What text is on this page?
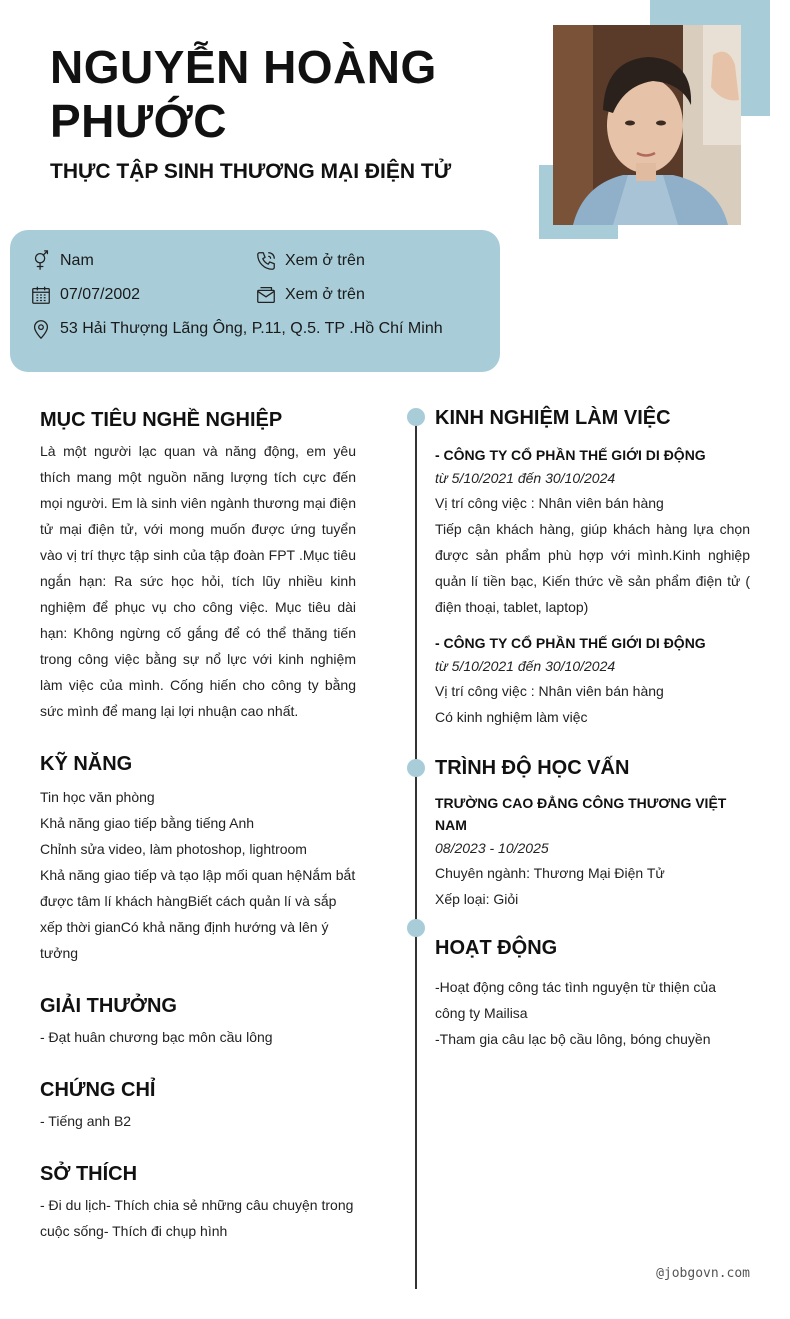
NGUYỄN HOÀNG PHƯỚC
THỰC TẬP SINH THƯƠNG MẠI ĐIỆN TỬ
Nam	Xem ở trên
07/07/2002	Xem ở trên
53 Hải Thượng Lãng Ông, P.11, Q.5. TP .Hồ Chí Minh
MỤC TIÊU NGHỀ NGHIỆP
Là một người lạc quan và năng động, em yêu thích mang một nguồn năng lượng tích cực đến mọi người. Em là sinh viên ngành thương mại điện tử mại điện tử, với mong muốn được ứng tuyển vào vị trí thực tập sinh của tập đoàn FPT .Mục tiêu ngắn hạn: Ra sức học hỏi, tích lũy nhiều kinh nghiệm để phục vụ cho công việc. Mục tiêu dài hạn: Không ngừng cố gắng để có thể thăng tiến trong công việc bằng sự nổ lực với kinh nghiệm làm việc của mình. Cống hiến cho công ty bằng sức mình để mang lại lợi nhuận cao nhất.
KỸ NĂNG
Tin học văn phòng
Khả năng giao tiếp bằng tiếng Anh
Chỉnh sửa video, làm photoshop, lightroom
Khả năng giao tiếp và tạo lập mối quan hệNắm bắt được tâm lí khách hàngBiết cách quản lí và sắp xếp thời gianCó khả năng định hướng và lên ý tưởng
GIẢI THƯỞNG
- Đạt huân chương bạc môn cầu lông
CHỨNG CHỈ
- Tiếng anh B2
SỞ THÍCH
- Đi du lịch- Thích chia sẻ những câu chuyện trong cuộc sống- Thích đi chụp hình
KINH NGHIỆM LÀM VIỆC
- CÔNG TY CỔ PHẦN THẾ GIỚI DI ĐỘNG
từ 5/10/2021 đến 30/10/2024
Vị trí công việc : Nhân viên bán hàng
Tiếp cận khách hàng, giúp khách hàng lựa chọn được sản phẩm phù hợp với mình.Kinh nghiệp quản lí tiền bạc, Kiến thức về sản phẩm điện tử ( điện thoại, tablet, laptop)
- CÔNG TY CỔ PHẦN THẾ GIỚI DI ĐỘNG
từ 5/10/2021 đến 30/10/2024
Vị trí công việc : Nhân viên bán hàng
Có kinh nghiệm làm việc
TRÌNH ĐỘ HỌC VẤN
TRƯỜNG CAO ĐẲNG CÔNG THƯƠNG VIỆT NAM
08/2023 - 10/2025
Chuyên ngành: Thương Mại Điện Tử
Xếp loại: Giỏi
HOẠT ĐỘNG
-Hoạt động công tác tình nguyện từ thiện của công ty Mailisa
-Tham gia câu lạc bộ cầu lông, bóng chuyền
@jobgovn.com
